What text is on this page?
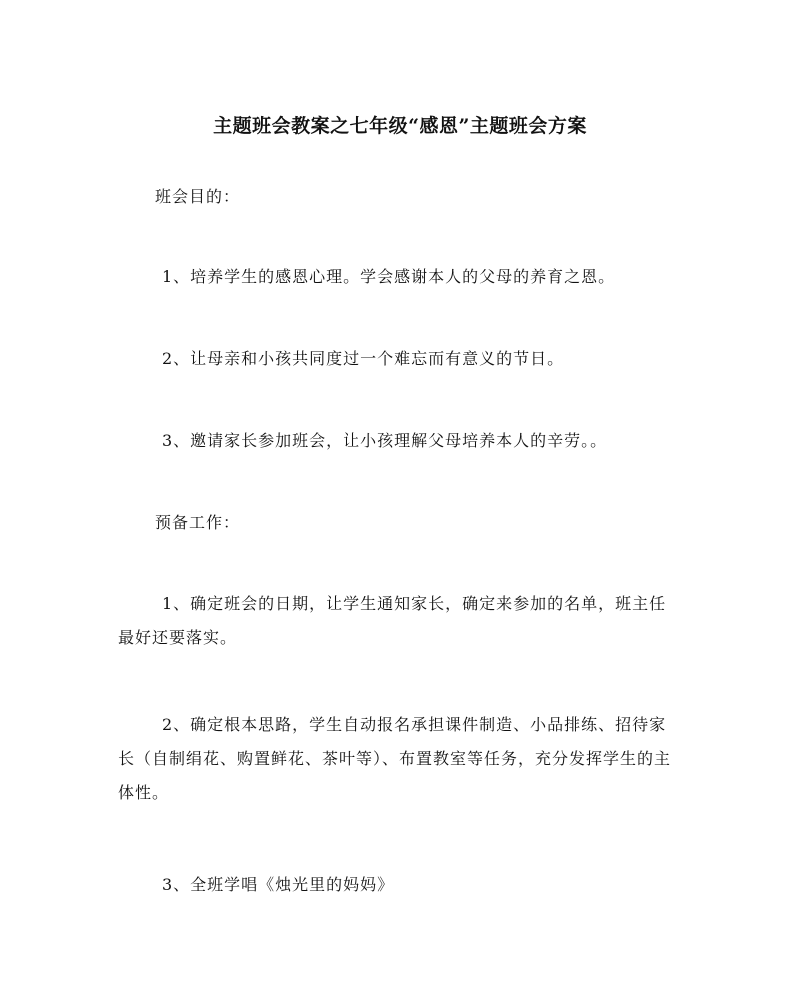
主题班会教案之七年级“感恩”主题班会方案
班会目的：
1、培养学生的感恩心理。学会感谢本人的父母的养育之恩。
2、让母亲和小孩共同度过一个难忘而有意义的节日。
3、邀请家长参加班会，让小孩理解父母培养本人的辛劳。。
预备工作：
1、确定班会的日期，让学生通知家长，确定来参加的名单，班主任最好还要落实。
2、确定根本思路，学生自动报名承担课件制造、小品排练、招待家长（自制绢花、购置鲜花、茶叶等）、布置教室等任务，充分发挥学生的主体性。
3、全班学唱《烛光里的妈妈》
